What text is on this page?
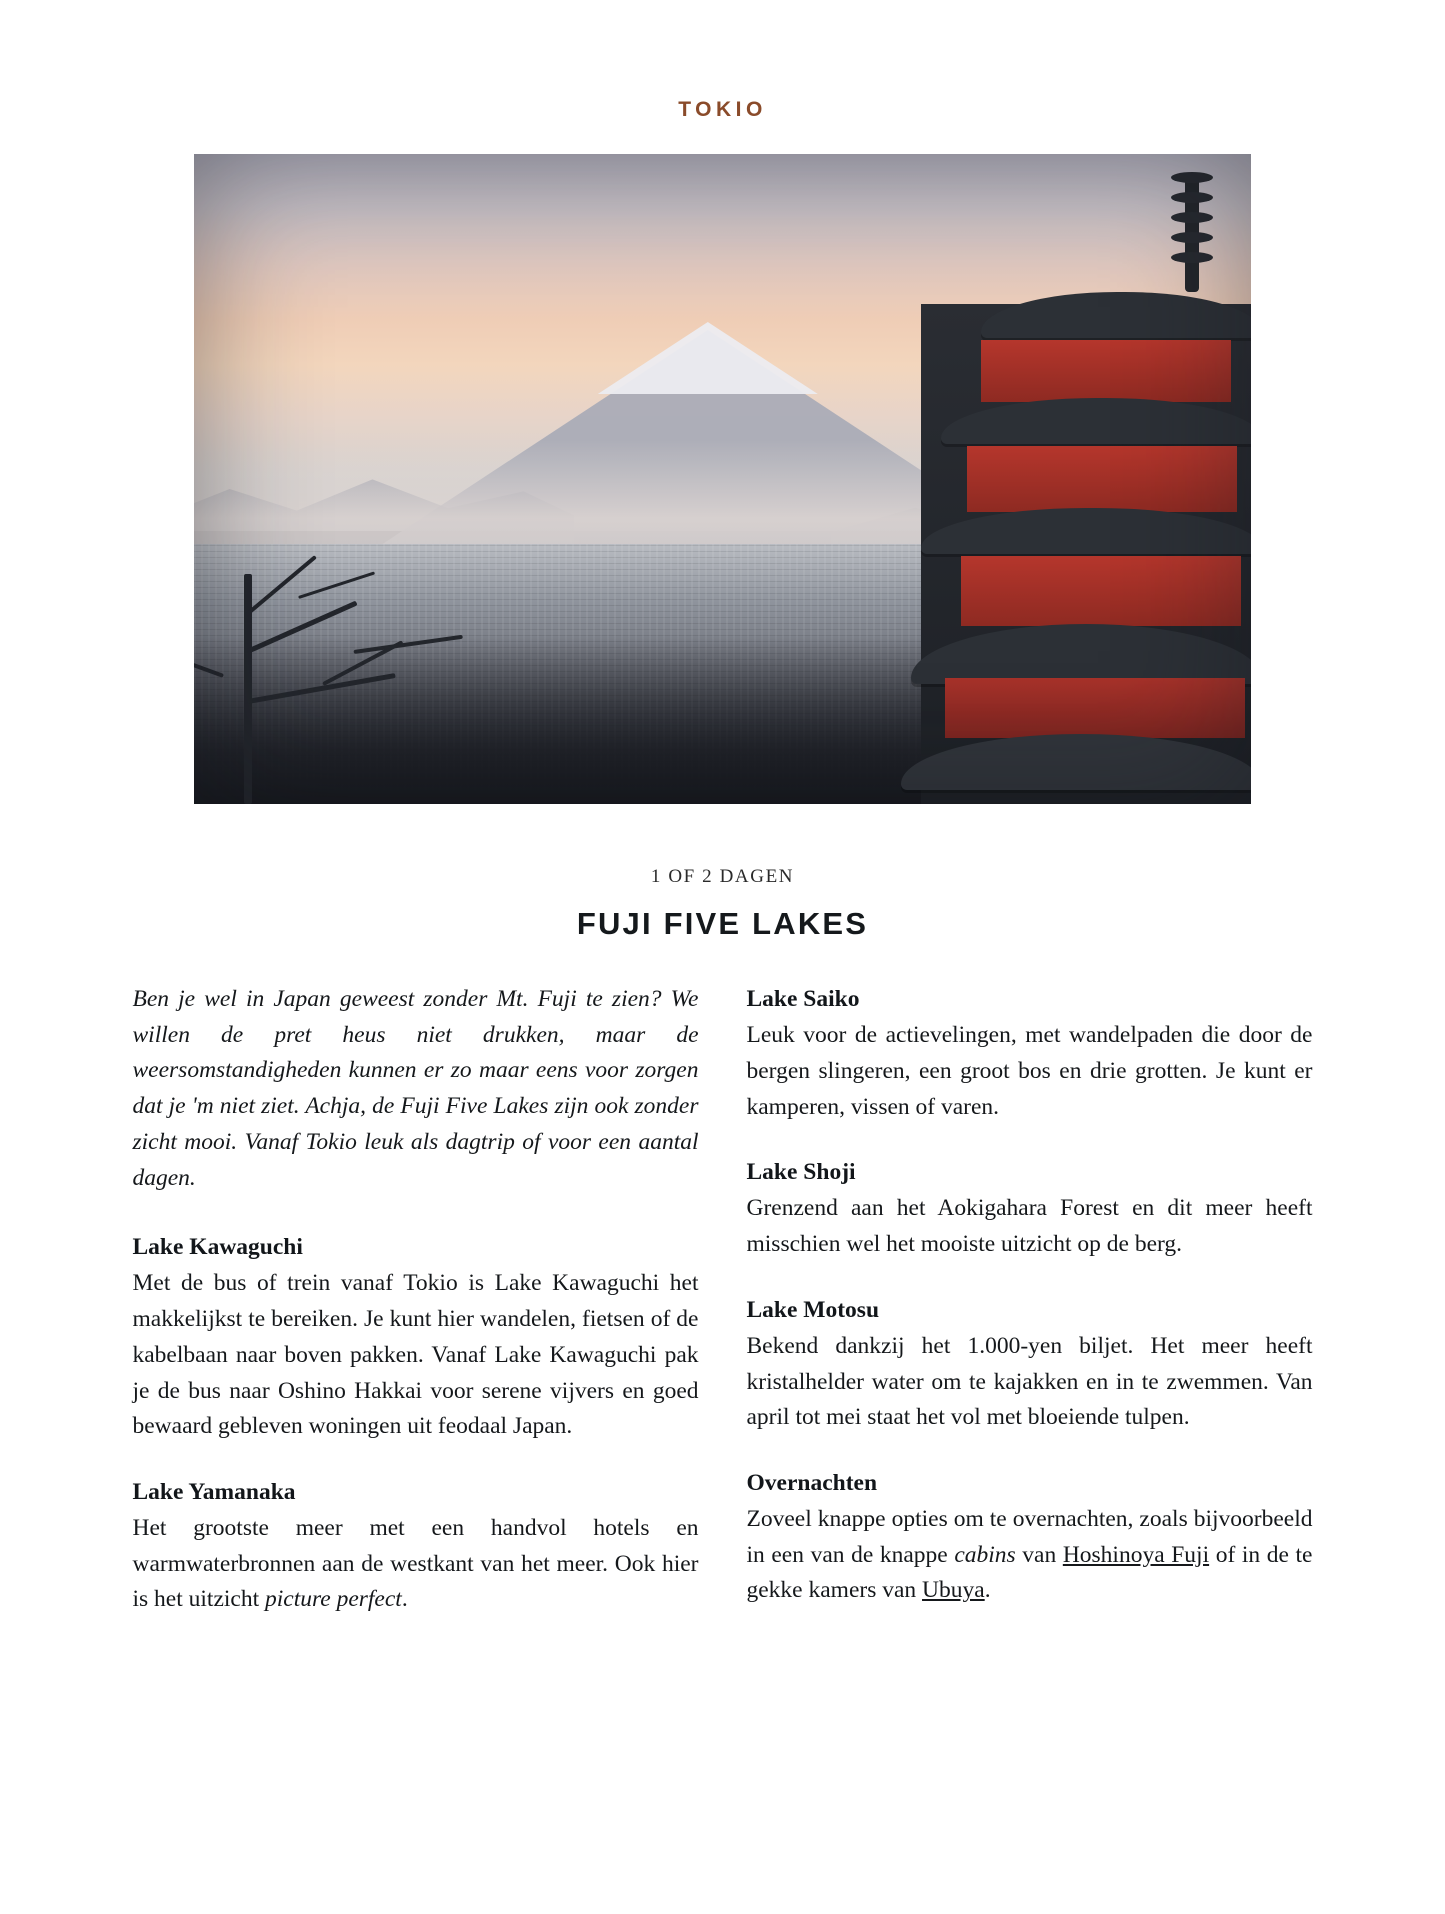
TOKIO
1 OF 2 DAGEN
FUJI FIVE LAKES

Ben je wel in Japan geweest zonder Mt. Fuji te zien? We willen de pret heus niet drukken, maar de weersomstandigheden kunnen er zo maar eens voor zorgen dat je 'm niet ziet. Achja, de Fuji Five Lakes zijn ook zonder zicht mooi. Vanaf Tokio leuk als dagtrip of voor een aantal dagen.

Lake Kawaguchi

Met de bus of trein vanaf Tokio is Lake Kawaguchi het makkelijkst te bereiken. Je kunt hier wandelen, fietsen of de kabelbaan naar boven pakken. Vanaf Lake Kawaguchi pak je de bus naar Oshino Hakkai voor serene vijvers en goed bewaard gebleven woningen uit feodaal Japan.

Lake Yamanaka

Het grootste meer met een handvol hotels en warmwaterbronnen aan de westkant van het meer. Ook hier is het uitzicht picture perfect.

Lake Saiko

Leuk voor de actievelingen, met wandelpaden die door de bergen slingeren, een groot bos en drie grotten. Je kunt er kamperen, vissen of varen.

Lake Shoji

Grenzend aan het Aokigahara Forest en dit meer heeft misschien wel het mooiste uitzicht op de berg.

Lake Motosu

Bekend dankzij het 1.000-yen biljet. Het meer heeft kristalhelder water om te kajakken en in te zwemmen. Van april tot mei staat het vol met bloeiende tulpen.

Overnachten

Zoveel knappe opties om te overnachten, zoals bijvoorbeeld in een van de knappe cabins van Hoshinoya Fuji of in de te gekke kamers van Ubuya.
